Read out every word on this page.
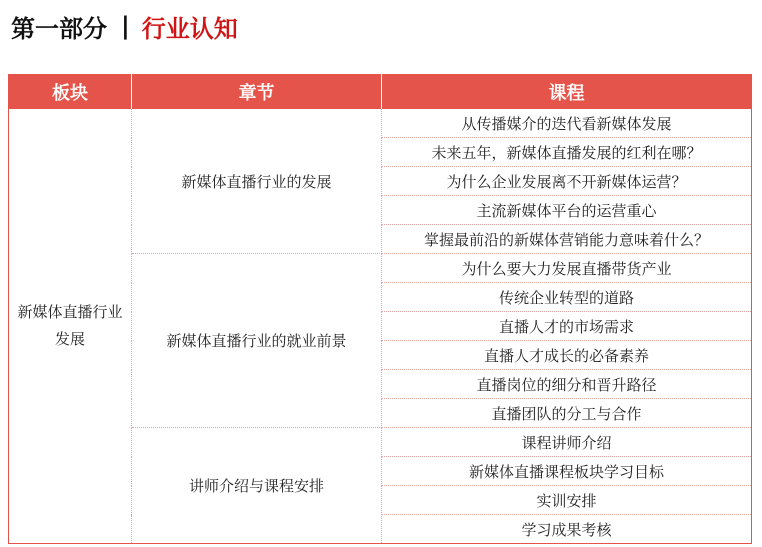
第一部分 | 行业认知
板块	章节	课程
新媒体直播行业发展	新媒体直播行业的发展	从传播媒介的迭代看新媒体发展
		未来五年，新媒体直播发展的红利在哪？
		为什么企业发展离不开新媒体运营？
		主流新媒体平台的运营重心
		掌握最前沿的新媒体营销能力意味着什么？
	新媒体直播行业的就业前景	为什么要大力发展直播带货产业
		传统企业转型的道路
		直播人才的市场需求
		直播人才成长的必备素养
		直播岗位的细分和晋升路径
		直播团队的分工与合作
	讲师介绍与课程安排	课程讲师介绍
		新媒体直播课程板块学习目标
		实训安排
		学习成果考核
